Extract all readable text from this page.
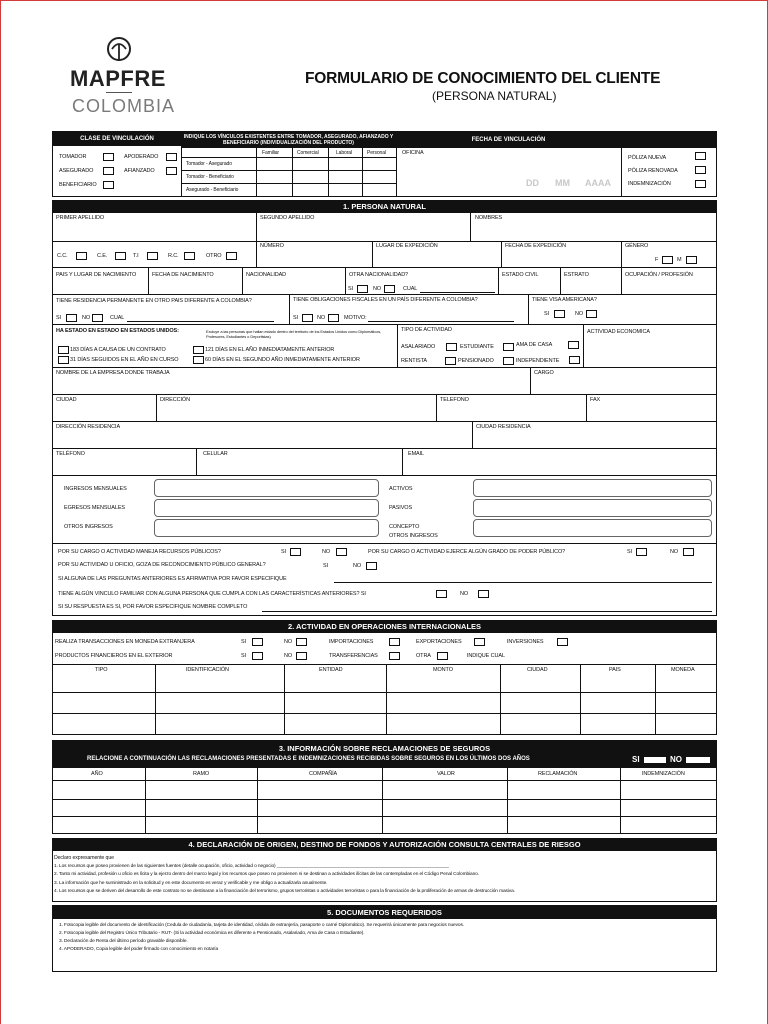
MAPFRE
COLOMBIA
FORMULARIO DE CONOCIMIENTO DEL CLIENTE
(PERSONA NATURAL)
CLASE DE VINCULACIÓN	INDIQUE LOS VÍNCULOS EXISTENTES ENTRE TOMADOR, ASEGURADO, AFIANZADO Y BENEFICIARIO (INDIVIDUALIZACIÓN DEL PRODUCTO)	FECHA DE VINCULACIÓN
TOMADOR	APODERADO
ASEGURADO	AFIANZADO
BENEFICIARIO
Familiar	Comercial	Laboral	Personal
Tomador - Asegurado
Tomador - Beneficiario
Asegurado - Beneficiario
OFICINA
DD MM AAAA
PÓLIZA NUEVA
PÓLIZA RENOVADA
INDEMNIZACIÓN
1. PERSONA NATURAL
PRIMER APELLIDO	SEGUNDO APELLIDO	NOMBRES
C.C.	C.E.	T.I	R.C.	OTRO
NÚMERO	LUGAR DE EXPEDICIÓN	FECHA DE EXPEDICIÓN	GÉNERO
F	M
PAIS Y LUGAR DE NACIMIENTO	FECHA DE NACIMIENTO	NACIONALIDAD	OTRA NACIONALIDAD?
SI	NO	CUAL
ESTADO CIVIL	ESTRATO	OCUPACIÓN / PROFESIÓN
TIENE RESIDENCIA PERMANENTE EN OTRO PAIS DIFERENTE A COLOMBIA?
SI	NO	CUAL
TIENE OBLIGACIONES FISCALES EN UN PAÍS DIFERENTE A COLOMBIA?
SI	NO	MOTIVO:
TIENE VISA AMERICANA?
SI	NO
HA ESTADO EN ESTADO EN ESTADOS UNIDOS:	Excluye a las personas que hallan estado dentro del territorio de los Estados Unidos como Diplomáticos, Profesores, Estudiantes o Deportistas)
183 DÍAS A CAUSA DE UN CONTRATO
31 DÍAS SEGUIDOS EN EL AÑO EN CURSO
121 DÍAS EN EL AÑO INMEDIATAMENTE ANTERIOR
60 DÍAS EN EL SEGUNDO AÑO INMEDIATAMENTE ANTERIOR
TIPO DE ACTIVIDAD
ASALARIADO	ESTUDIANTE	AMA DE CASA
RENTISTA	PENSIONADO	INDEPENDIENTE
ACTIVIDAD ECONOMICA
NOMBRE DE LA EMPRESA DONDE TRABAJA	CARGO
CIUDAD	DIRECCIÓN	TELEFONO	FAX
DIRECCIÓN RESIDENCIA	CIUDAD RESIDENCIA
TELÉFONO	CELULAR	EMAIL
INGRESOS MENSUALES
EGRESOS MENSUALES
OTROS INGRESOS
ACTIVOS
PASIVOS
CONCEPTO
OTROS INGRESOS
POR SU CARGO O ACTIVIDAD MANEJA RECURSOS PÚBLICOS?	SI	NO	POR SU CARGO O ACTIVIDAD EJERCE ALGÚN GRADO DE PODER PÚBLICO?	SI	NO
POR SU ACTIVIDAD U OFICIO, GOZA DE RECONOCIMIENTO PÚBLICO GENERAL?	SI	NO
SI ALGUNA DE LAS PREGUNTAS ANTERIORES ES AFIRMATIVA POR FAVOR ESPECIFIQUE
TIENE ALGÚN VINCULO FAMILIAR CON ALGUNA PERSONA QUE CUMPLA CON LAS CARACTERÍSTICAS ANTERIORES? SI	NO
SI SU RESPUESTA ES SI, POR FAVOR ESPECIFIQUE NOMBRE COMPLETO
2. ACTIVIDAD EN OPERACIONES INTERNACIONALES
REALIZA TRANSACCIONES EN MONEDA EXTRANJERA	SI	NO	IMPORTACIONES	EXPORTACIONES	INVERSIONES
PRODUCTOS FINANCIEROS EN EL EXTERIOR	SI	NO	TRANSFERENCIAS	OTRA	INDIQUE CUAL
TIPO	IDENTIFICACIÓN	ENTIDAD	MONTO	CIUDAD	PAIS	MONEDA
3. INFORMACIÓN SOBRE RECLAMACIONES DE SEGUROS
RELACIONE A CONTINUACIÓN LAS RECLAMACIONES PRESENTADAS E INDEMNIZACIONES RECIBIDAS SOBRE SEGUROS EN LOS ÚLTIMOS DOS AÑOS	SI	NO
AÑO	RAMO	COMPAÑÍA	VALOR	RECLAMACIÓN	INDEMNIZACIÓN
4. DECLARACIÓN DE ORIGEN, DESTINO DE FONDOS Y AUTORIZACIÓN CONSULTA CENTRALES DE RIESGO
Declaro expresamente que
1. Los recursos que poseo provienen de las siguientes fuentes (detalle ocupación, oficio, actividad o negocio) ___________________________________________________________________
2. Tanto mi actividad, profesión u oficio es lícita y la ejerzo dentro del marco legal y los recursos que poseo no provienen ni se destinan a actividades ilícitas de las contempladas en el Código Penal Colombiano.
3. La información que he suministrado en la solicitud y en este documento es veraz y verificable y me obligo a actualizarla anualmente.
4. Los recursos que se deriven del desarrollo de este contrato no se destinaran a la financiación del terrorismo, grupos terroristas o actividades terroristas o para la financiación de la proliferación de armas de destrucción masiva.
5. DOCUMENTOS REQUERIDOS
1. Fotocopia legible del documento de identificación (Cedula de ciudadanía, tarjeta de identidad, cédula de extranjería, pasaporte o carné Diplomático). Se requerirá únicamente para negocios nuevos.
2. Fotocopia legible del Registro Único Tributario - RUT- (Si la actividad económica es diferente a Pensionado, Asalariado, Ama de Casa o Estudiante).
3. Declaración de Renta del último período gravable disponible.
4. APODERADO, Copia legible del poder firmado con conocimiento en notaría
